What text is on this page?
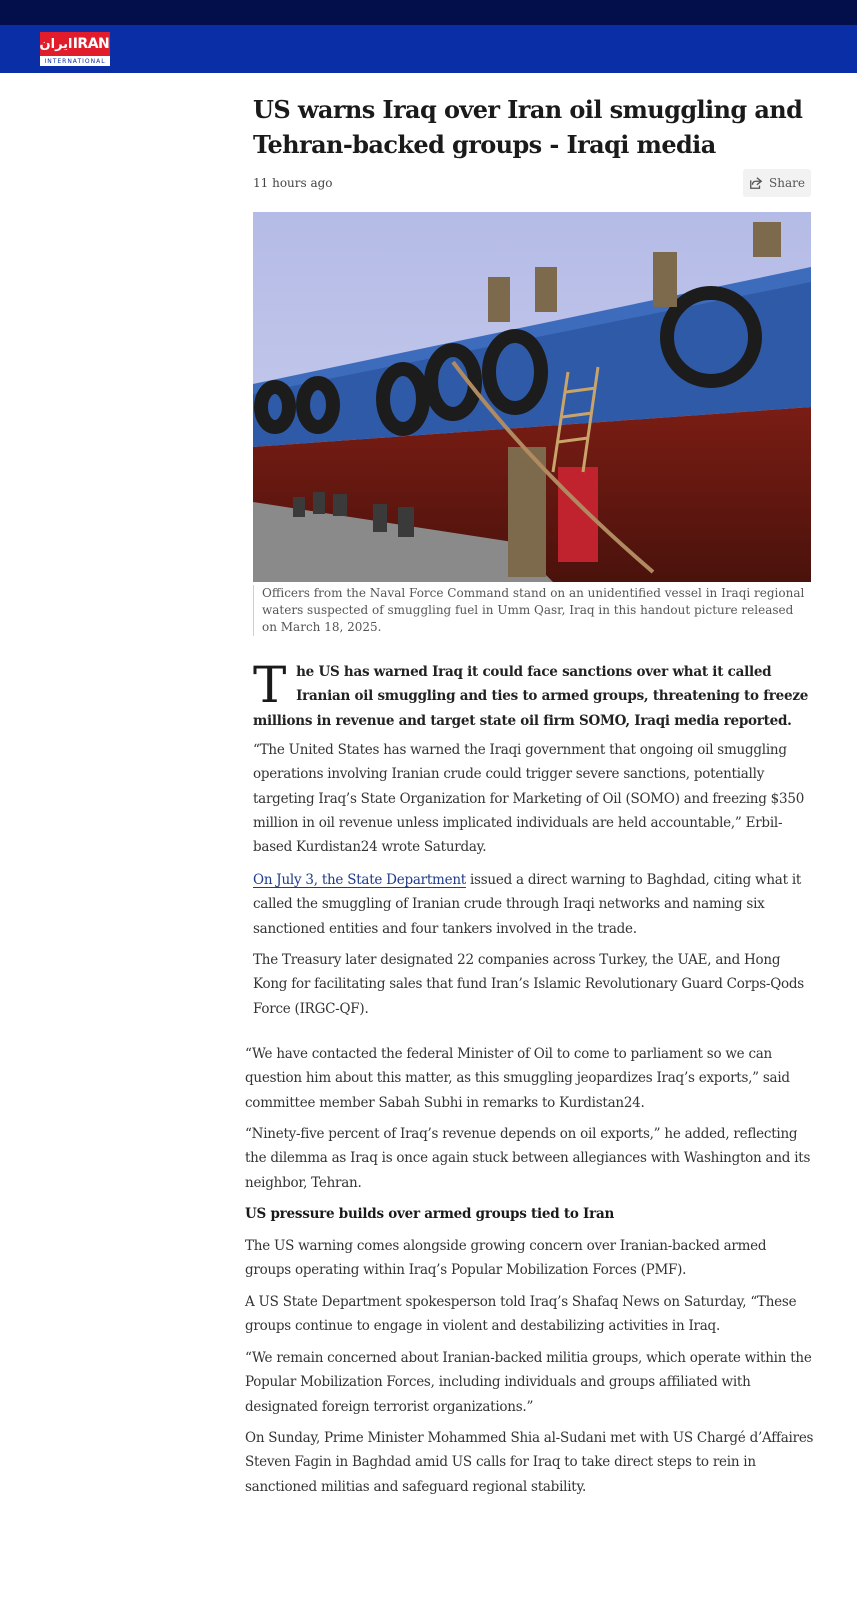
ایران IRAN
INTERNATIONAL
US warns Iraq over Iran oil smuggling and Tehran-backed groups - Iraqi media
11 hours ago	Share
Officers from the Naval Force Command stand on an unidentified vessel in Iraqi regional waters suspected of smuggling fuel in Umm Qasr, Iraq in this handout picture released on March 18, 2025.
The US has warned Iraq it could face sanctions over what it called Iranian oil smuggling and ties to armed groups, threatening to freeze millions in revenue and target state oil firm SOMO, Iraqi media reported.

“The United States has warned the Iraqi government that ongoing oil smuggling operations involving Iranian crude could trigger severe sanctions, potentially targeting Iraq’s State Organization for Marketing of Oil (SOMO) and freezing $350 million in oil revenue unless implicated individuals are held accountable,” Erbil-based Kurdistan24 wrote Saturday.

On July 3, the State Department issued a direct warning to Baghdad, citing what it called the smuggling of Iranian crude through Iraqi networks and naming six sanctioned entities and four tankers involved in the trade.

The Treasury later designated 22 companies across Turkey, the UAE, and Hong Kong for facilitating sales that fund Iran’s Islamic Revolutionary Guard Corps-Qods Force (IRGC-QF).

“We have contacted the federal Minister of Oil to come to parliament so we can question him about this matter, as this smuggling jeopardizes Iraq’s exports,” said committee member Sabah Subhi in remarks to Kurdistan24.

“Ninety-five percent of Iraq’s revenue depends on oil exports,” he added, reflecting the dilemma as Iraq is once again stuck between allegiances with Washington and its neighbor, Tehran.

US pressure builds over armed groups tied to Iran

The US warning comes alongside growing concern over Iranian-backed armed groups operating within Iraq’s Popular Mobilization Forces (PMF).

A US State Department spokesperson told Iraq’s Shafaq News on Saturday, “These groups continue to engage in violent and destabilizing activities in Iraq.

“We remain concerned about Iranian-backed militia groups, which operate within the Popular Mobilization Forces, including individuals and groups affiliated with designated foreign terrorist organizations.”

On Sunday, Prime Minister Mohammed Shia al-Sudani met with US Chargé d’Affaires Steven Fagin in Baghdad amid US calls for Iraq to take direct steps to rein in sanctioned militias and safeguard regional stability.
